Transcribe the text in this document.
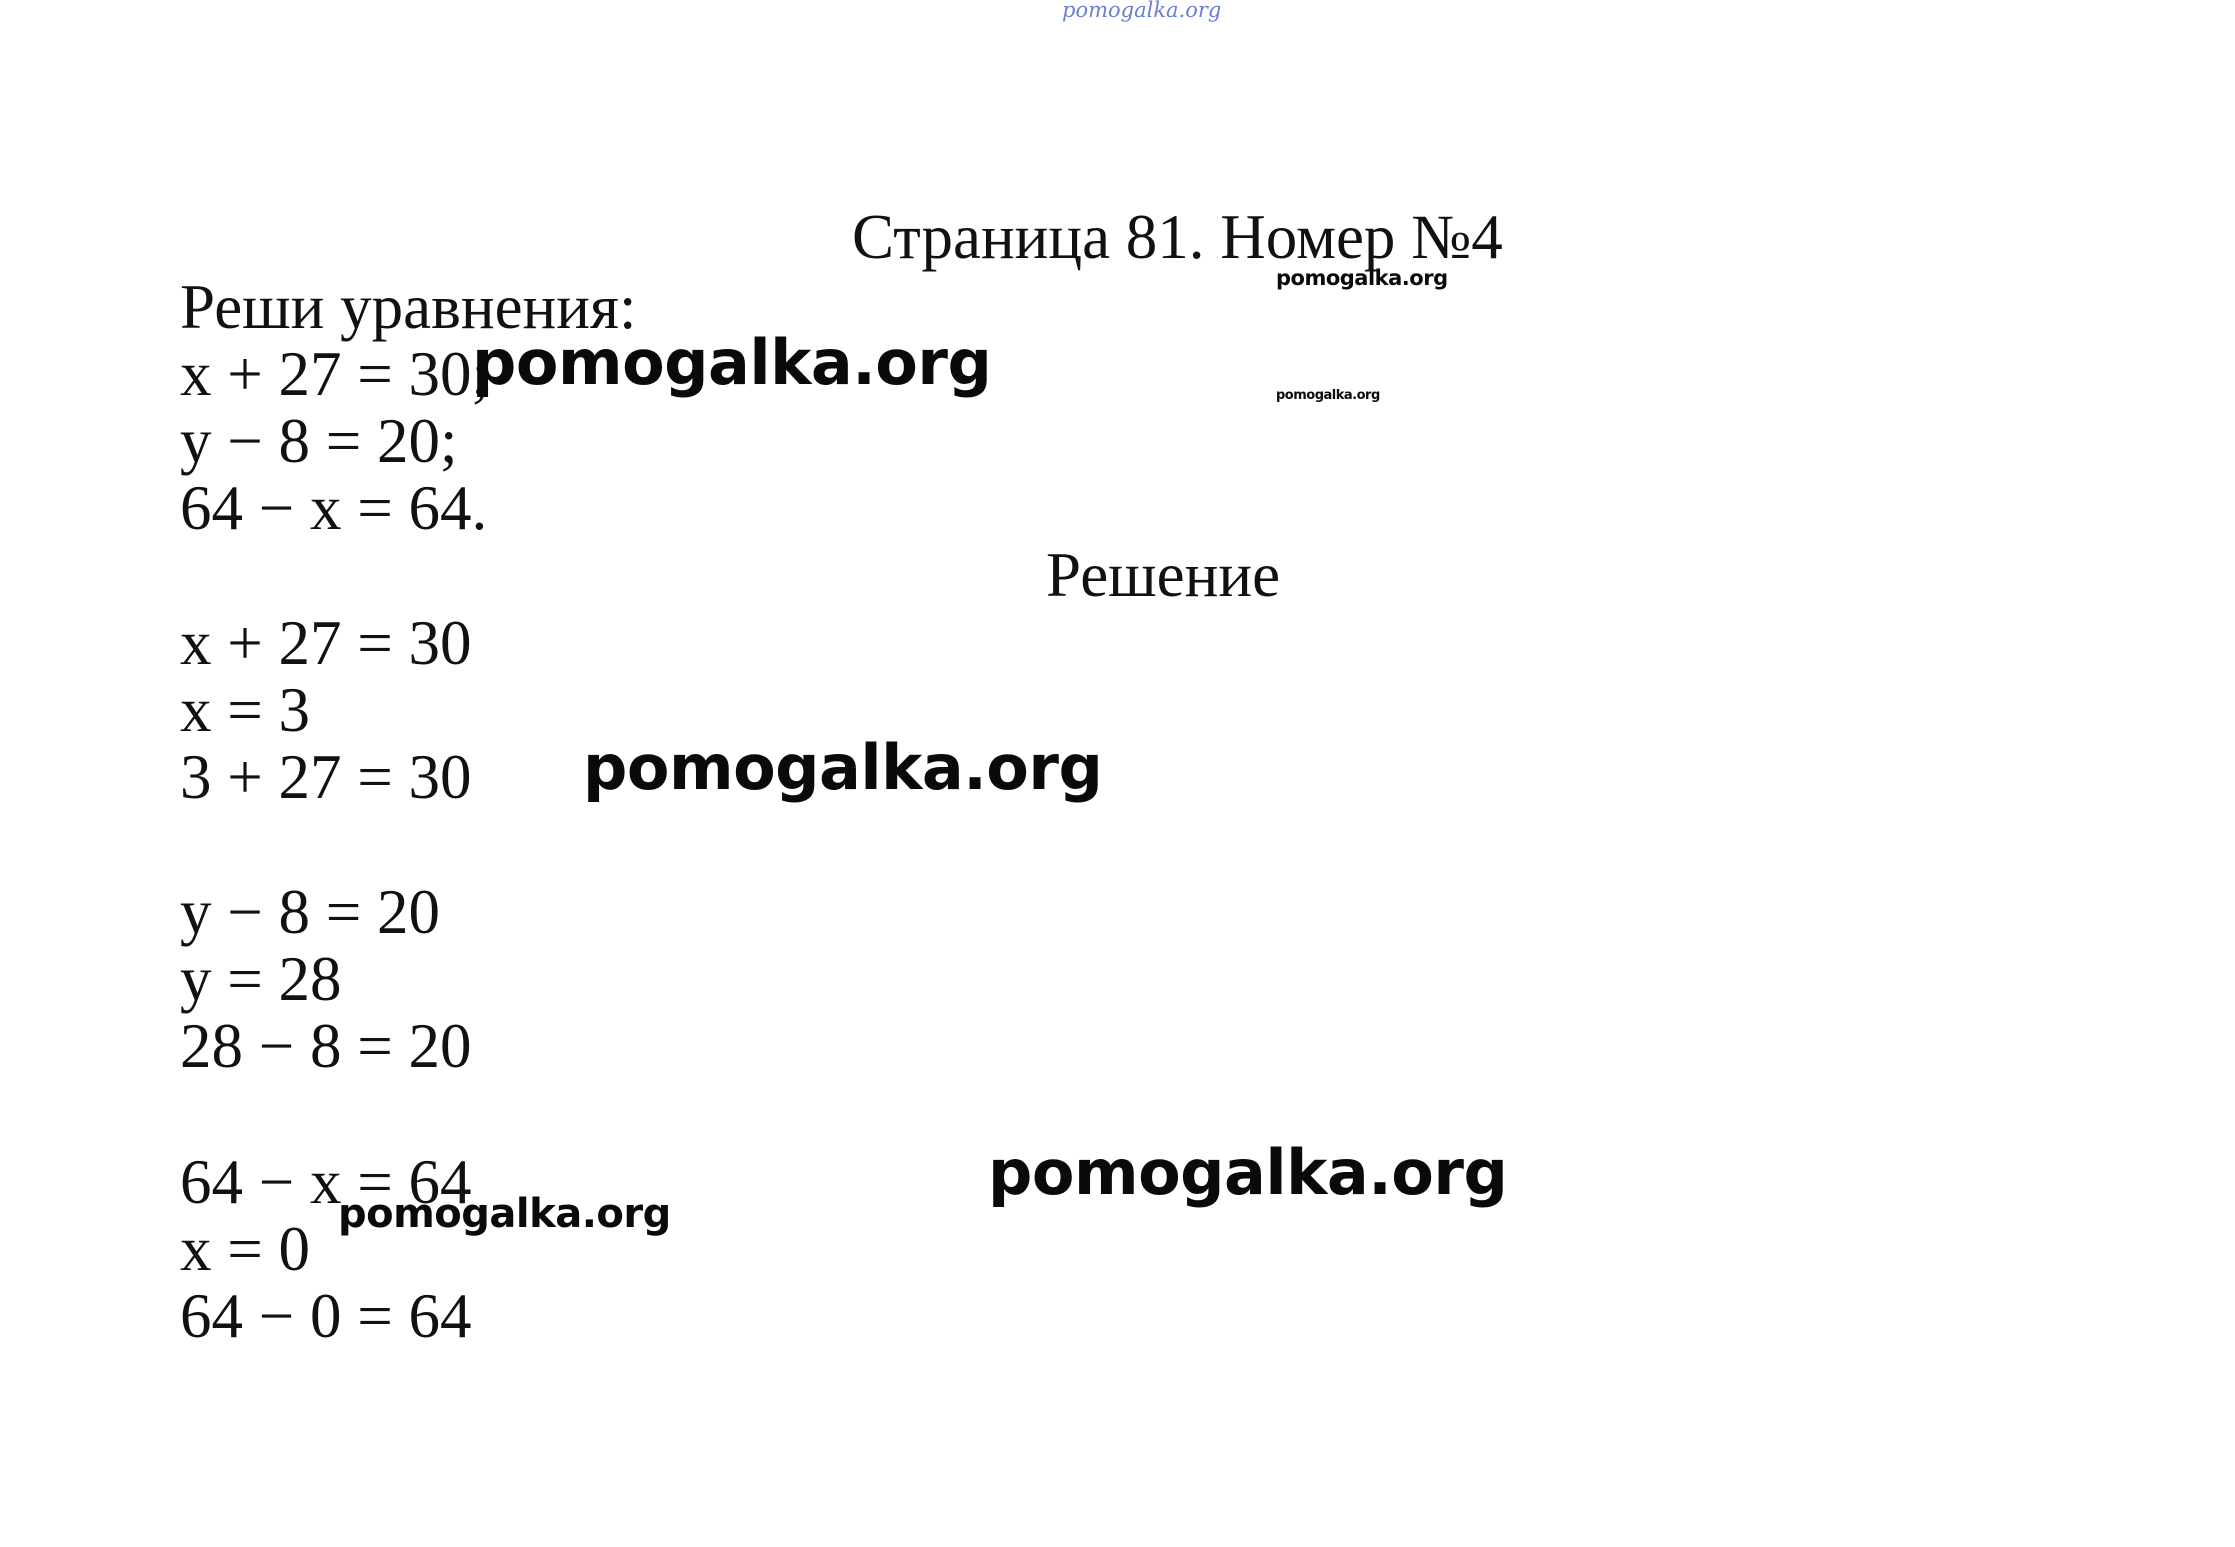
pomogalka.org
Страница 81. Номер №4
pomogalka.org
Реши уравнения:
x + 27 = 30;
pomogalka.org	pomogalka.org
y − 8 = 20;
64 − x = 64.
Решение
x + 27 = 30
x = 3
3 + 27 = 30 pomogalka.org
y − 8 = 20
y = 28
28 − 8 = 20
64 − x = 64	pomogalka.org
pomogalka.org
x = 0
64 − 0 = 64
